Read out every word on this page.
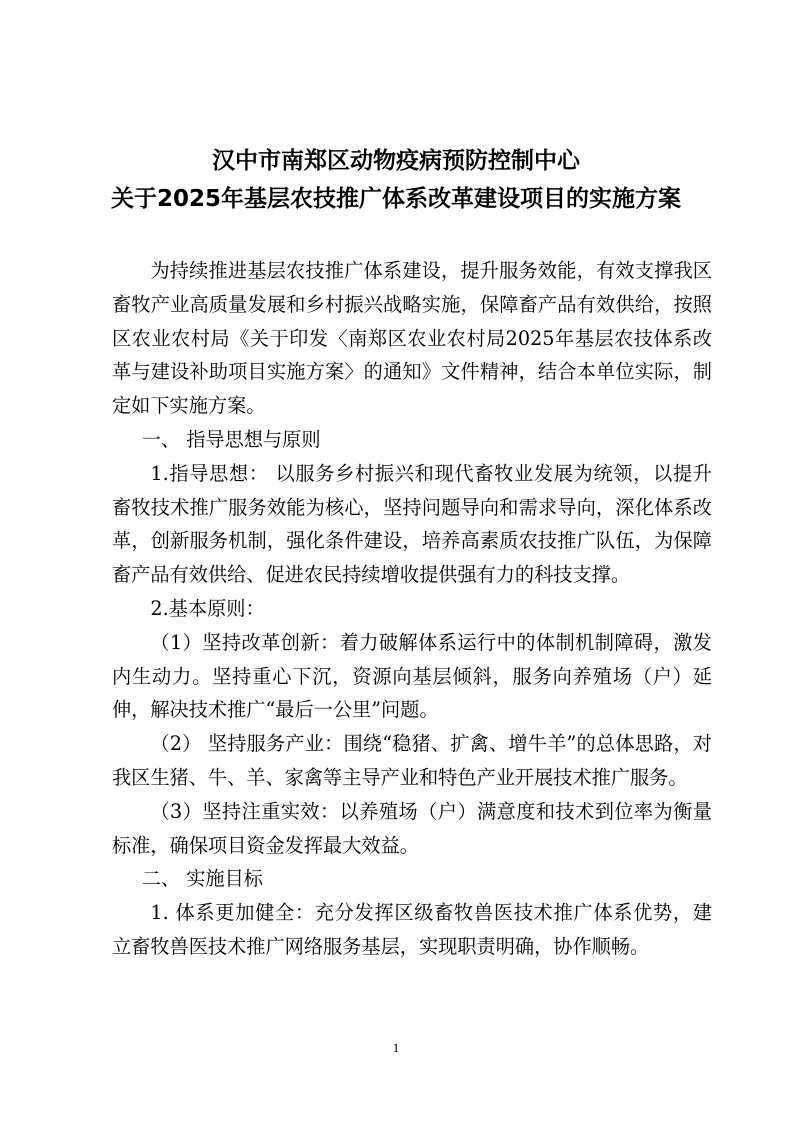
汉中市南郑区动物疫病预防控制中心
关于2025年基层农技推广体系改革建设项目的实施方案

为持续推进基层农技推广体系建设，提升服务效能，有效支撑我区畜牧产业高质量发展和乡村振兴战略实施，保障畜产品有效供给，按照区农业农村局《关于印发〈南郑区农业农村局2025年基层农技体系改革与建设补助项目实施方案〉的通知》文件精神，结合本单位实际，制定如下实施方案。

一、 指导思想与原则

1.指导思想： 以服务乡村振兴和现代畜牧业发展为统领，以提升畜牧技术推广服务效能为核心，坚持问题导向和需求导向，深化体系改革，创新服务机制，强化条件建设，培养高素质农技推广队伍，为保障畜产品有效供给、促进农民持续增收提供强有力的科技支撑。

2.基本原则：

（1）坚持改革创新：着力破解体系运行中的体制机制障碍，激发内生动力。坚持重心下沉，资源向基层倾斜，服务向养殖场（户）延伸，解决技术推广“最后一公里”问题。

（2） 坚持服务产业：围绕“稳猪、扩禽、增牛羊”的总体思路，对我区生猪、牛、羊、家禽等主导产业和特色产业开展技术推广服务。

（3）坚持注重实效：以养殖场（户）满意度和技术到位率为衡量标准，确保项目资金发挥最大效益。

二、 实施目标

1. 体系更加健全：充分发挥区级畜牧兽医技术推广体系优势，建立畜牧兽医技术推广网络服务基层，实现职责明确，协作顺畅。

1
